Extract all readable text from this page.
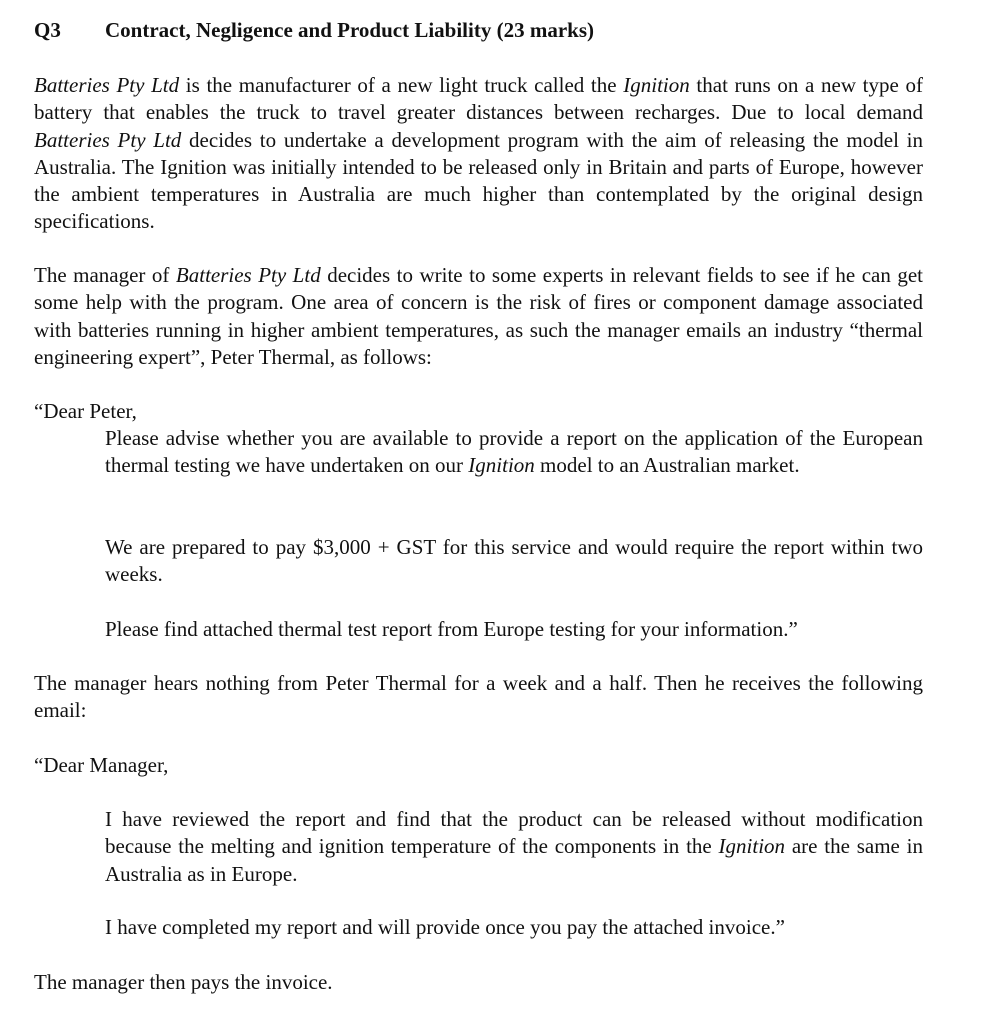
Q3 Contract, Negligence and Product Liability (23 marks)

Batteries Pty Ltd is the manufacturer of a new light truck called the Ignition that runs on a new type of battery that enables the truck to travel greater distances between recharges. Due to local demand Batteries Pty Ltd decides to undertake a development program with the aim of releasing the model in Australia. The Ignition was initially intended to be released only in Britain and parts of Europe, however the ambient temperatures in Australia are much higher than contemplated by the original design specifications.

The manager of Batteries Pty Ltd decides to write to some experts in relevant fields to see if he can get some help with the program. One area of concern is the risk of fires or component damage associated with batteries running in higher ambient temperatures, as such the manager emails an industry “thermal engineering expert”, Peter Thermal, as follows:

“Dear Peter,

Please advise whether you are available to provide a report on the application of the European thermal testing we have undertaken on our Ignition model to an Australian market.

We are prepared to pay $3,000 + GST for this service and would require the report within two weeks.

Please find attached thermal test report from Europe testing for your information.”

The manager hears nothing from Peter Thermal for a week and a half. Then he receives the following email:

“Dear Manager,

I have reviewed the report and find that the product can be released without modification because the melting and ignition temperature of the components in the Ignition are the same in Australia as in Europe.

I have completed my report and will provide once you pay the attached invoice.”

The manager then pays the invoice.
